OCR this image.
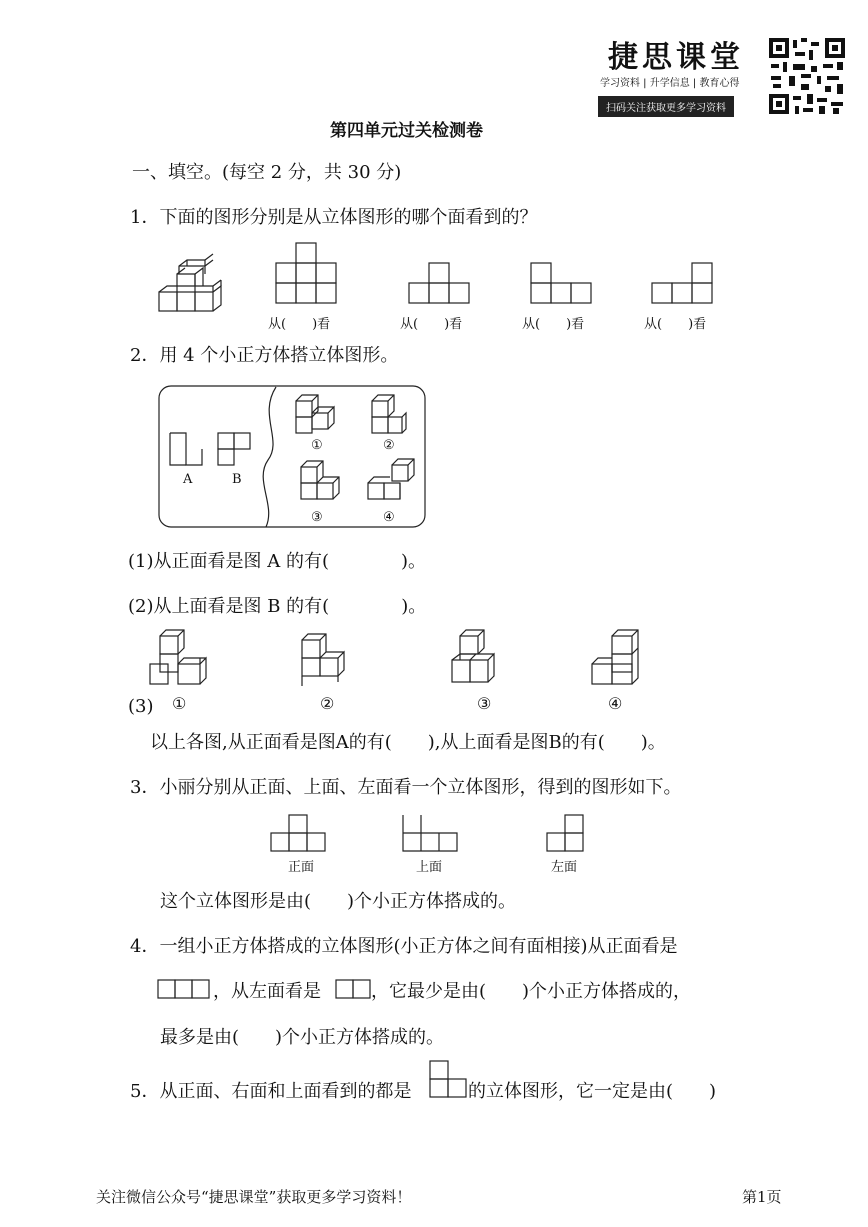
捷思课堂
学习资料 | 升学信息 | 教育心得
扫码关注获取更多学习资料
第四单元过关检测卷
一、填空。(每空 2 分，共 30 分)
1．下面的图形分别是从立体图形的哪个面看到的？
从(　　)看	从(　　)看	从(　　)看	从(　　)看
2．用 4 个小正方体搭立体图形。
A	B
①	②
③	④
(1)从正面看是图 A 的有(　　　　)。
(2)从上面看是图 B 的有(　　　　)。
(3) ①	②	③	④
以上各图,从正面看是图A的有(　　),从上面看是图B的有(　　)。
3．小丽分别从正面、上面、左面看一个立体图形，得到的图形如下。
正面	上面	左面
这个立体图形是由(　　)个小正方体搭成的。
4．一组小正方体搭成的立体图形(小正方体之间有面相接)从正面看是
，从左面看是	，它最少是由(　　)个小正方体搭成的，
最多是由(　　)个小正方体搭成的。
5．从正面、右面和上面看到的都是	的立体图形，它一定是由(　　)
关注微信公众号“捷思课堂”获取更多学习资料！	第1页
